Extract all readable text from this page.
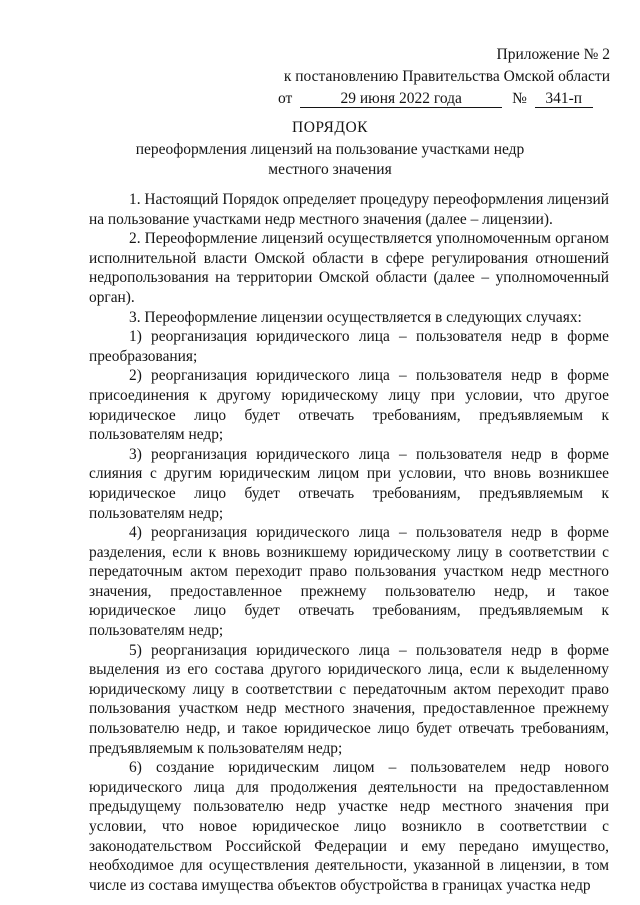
Приложение № 2
к постановлению Правительства Омской области
от	29 июня 2022 года	№ 341-п
ПОРЯДОК
переоформления лицензий на пользование участками недр
местного значения

1. Настоящий Порядок определяет процедуру переоформления лицензий на пользование участками недр местного значения (далее – лицензии).

2. Переоформление лицензий осуществляется уполномоченным органом исполнительной власти Омской области в сфере регулирования отношений недропользования на территории Омской области (далее – уполномоченный орган).

3. Переоформление лицензии осуществляется в следующих случаях:

1) реорганизация юридического лица – пользователя недр в форме преобразования;

2) реорганизация юридического лица – пользователя недр в форме присоединения к другому юридическому лицу при условии, что другое юридическое лицо будет отвечать требованиям, предъявляемым к пользователям недр;

3) реорганизация юридического лица – пользователя недр в форме слияния с другим юридическим лицом при условии, что вновь возникшее юридическое лицо будет отвечать требованиям, предъявляемым к пользователям недр;

4) реорганизация юридического лица – пользователя недр в форме разделения, если к вновь возникшему юридическому лицу в соответствии с передаточным актом переходит право пользования участком недр местного значения, предоставленное прежнему пользователю недр, и такое юридическое лицо будет отвечать требованиям, предъявляемым к пользователям недр;

5) реорганизация юридического лица – пользователя недр в форме выделения из его состава другого юридического лица, если к выделенному юридическому лицу в соответствии с передаточным актом переходит право пользования участком недр местного значения, предоставленное прежнему пользователю недр, и такое юридическое лицо будет отвечать требованиям, предъявляемым к пользователям недр;

6) создание юридическим лицом – пользователем недр нового юридического лица для продолжения деятельности на предоставленном предыдущему пользователю недр участке недр местного значения при условии, что новое юридическое лицо возникло в соответствии с законодательством Российской Федерации и ему передано имущество, необходимое для осуществления деятельности, указанной в лицензии, в том числе из состава имущества объектов обустройства в границах участка недр
